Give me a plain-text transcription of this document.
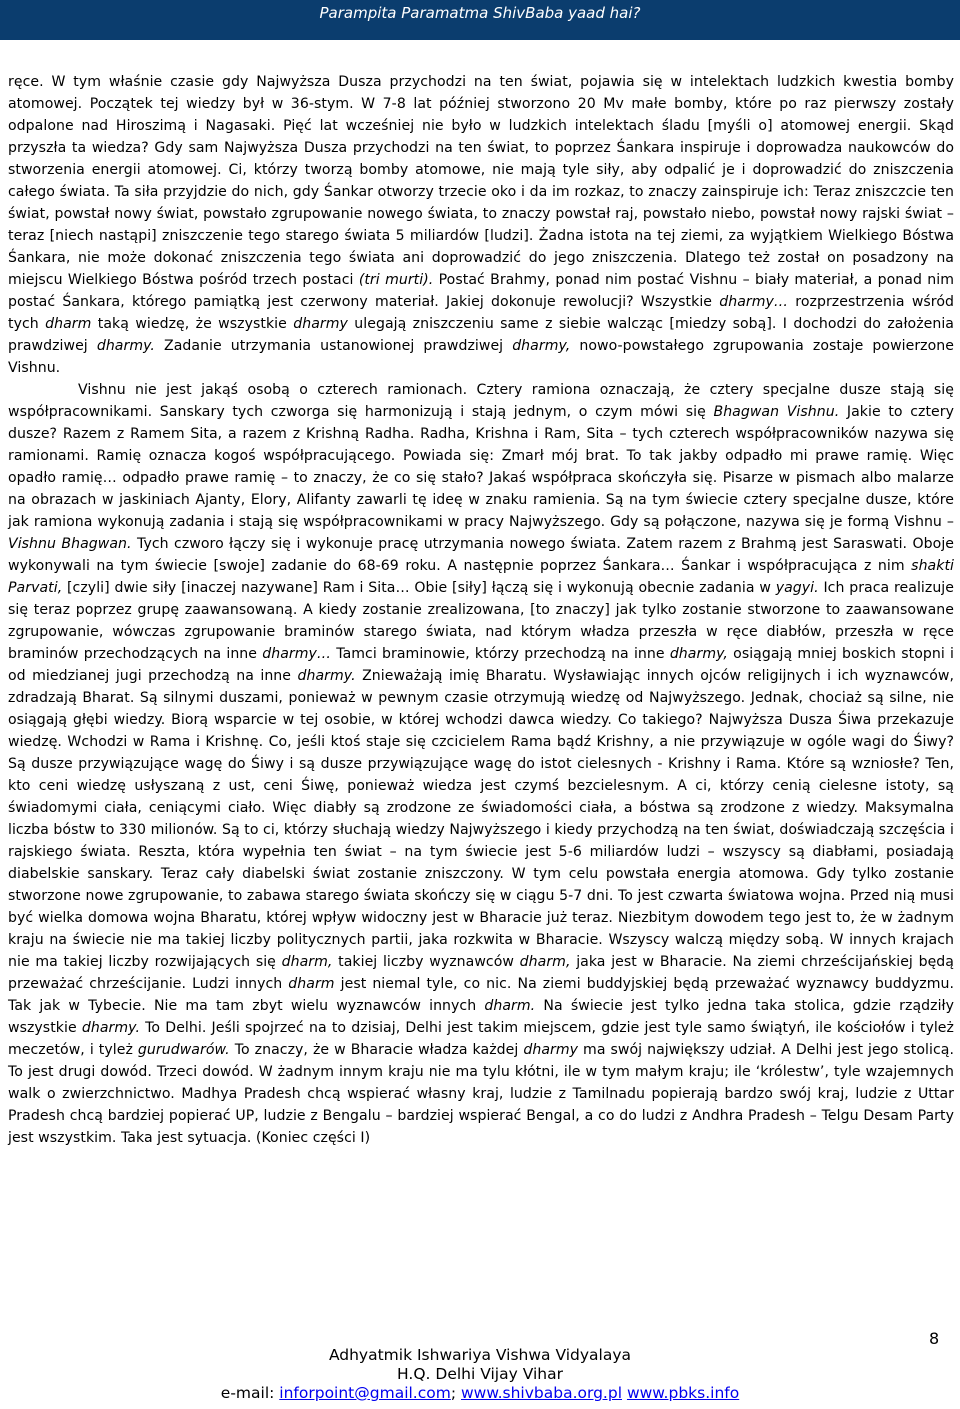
Parampita Paramatma ShivBaba yaad hai?

ręce. W tym właśnie czasie gdy Najwyższa Dusza przychodzi na ten świat, pojawia się w intelektach ludzkich kwestia bomby atomowej. Początek tej wiedzy był w 36-stym. W 7-8 lat później stworzono 20 Mv małe bomby, które po raz pierwszy zostały odpalone nad Hiroszimą i Nagasaki. Pięć lat wcześniej nie było w ludzkich intelektach śladu [myśli o] atomowej energii. Skąd przyszła ta wiedza? Gdy sam Najwyższa Dusza przychodzi na ten świat, to poprzez Śankara inspiruje i doprowadza naukowców do stworzenia energii atomowej. Ci, którzy tworzą bomby atomowe, nie mają tyle siły, aby odpalić je i doprowadzić do zniszczenia całego świata. Ta siła przyjdzie do nich, gdy Śankar otworzy trzecie oko i da im rozkaz, to znaczy zainspiruje ich: Teraz zniszczcie ten świat, powstał nowy świat, powstało zgrupowanie nowego świata, to znaczy powstał raj, powstało niebo, powstał nowy rajski świat – teraz [niech nastąpi] zniszczenie tego starego świata 5 miliardów [ludzi]. Żadna istota na tej ziemi, za wyjątkiem Wielkiego Bóstwa Śankara, nie może dokonać zniszczenia tego świata ani doprowadzić do jego zniszczenia. Dlatego też został on posadzony na miejscu Wielkiego Bóstwa pośród trzech postaci (tri murti). Postać Brahmy, ponad nim postać Vishnu – biały materiał, a ponad nim postać Śankara, którego pamiątką jest czerwony materiał. Jakiej dokonuje rewolucji? Wszystkie dharmy… rozprzestrzenia wśród tych dharm taką wiedzę, że wszystkie dharmy ulegają zniszczeniu same z siebie walcząc [miedzy sobą]. I dochodzi do założenia prawdziwej dharmy. Zadanie utrzymania ustanowionej prawdziwej dharmy, nowo-powstałego zgrupowania zostaje powierzone Vishnu.

Vishnu nie jest jakąś osobą o czterech ramionach. Cztery ramiona oznaczają, że cztery specjalne dusze stają się współpracownikami. Sanskary tych czworga się harmonizują i stają jednym, o czym mówi się Bhagwan Vishnu. Jakie to cztery dusze? Razem z Ramem Sita, a razem z Krishną Radha. Radha, Krishna i Ram, Sita – tych czterech współpracowników nazywa się ramionami. Ramię oznacza kogoś współpracującego. Powiada się: Zmarł mój brat. To tak jakby odpadło mi prawe ramię. Więc opadło ramię… odpadło prawe ramię – to znaczy, że co się stało? Jakaś współpraca skończyła się. Pisarze w pismach albo malarze na obrazach w jaskiniach Ajanty, Elory, Alifanty zawarli tę ideę w znaku ramienia. Są na tym świecie cztery specjalne dusze, które jak ramiona wykonują zadania i stają się współpracownikami w pracy Najwyższego. Gdy są połączone, nazywa się je formą Vishnu – Vishnu Bhagwan. Tych czworo łączy się i wykonuje pracę utrzymania nowego świata. Zatem razem z Brahmą jest Saraswati. Oboje wykonywali na tym świecie [swoje] zadanie do 68-69 roku. A następnie poprzez Śankara… Śankar i współpracująca z nim shakti Parvati, [czyli] dwie siły [inaczej nazywane] Ram i Sita… Obie [siły] łączą się i wykonują obecnie zadania w yagyi. Ich praca realizuje się teraz poprzez grupę zaawansowaną. A kiedy zostanie zrealizowana, [to znaczy] jak tylko zostanie stworzone to zaawansowane zgrupowanie, wówczas zgrupowanie braminów starego świata, nad którym władza przeszła w ręce diabłów, przeszła w ręce braminów przechodzących na inne dharmy… Tamci braminowie, którzy przechodzą na inne dharmy, osiągają mniej boskich stopni i od miedzianej jugi przechodzą na inne dharmy. Znieważają imię Bharatu. Wysławiając innych ojców religijnych i ich wyznawców, zdradzają Bharat. Są silnymi duszami, ponieważ w pewnym czasie otrzymują wiedzę od Najwyższego. Jednak, chociaż są silne, nie osiągają głębi wiedzy. Biorą wsparcie w tej osobie, w której wchodzi dawca wiedzy. Co takiego? Najwyższa Dusza Śiwa przekazuje wiedzę. Wchodzi w Rama i Krishnę. Co, jeśli ktoś staje się czcicielem Rama bądź Krishny, a nie przywiązuje w ogóle wagi do Śiwy? Są dusze przywiązujące wagę do Śiwy i są dusze przywiązujące wagę do istot cielesnych - Krishny i Rama. Które są wzniosłe? Ten, kto ceni wiedzę usłyszaną z ust, ceni Śiwę, ponieważ wiedza jest czymś bezcielesnym. A ci, którzy cenią cielesne istoty, są świadomymi ciała, ceniącymi ciało. Więc diabły są zrodzone ze świadomości ciała, a bóstwa są zrodzone z wiedzy. Maksymalna liczba bóstw to 330 milionów. Są to ci, którzy słuchają wiedzy Najwyższego i kiedy przychodzą na ten świat, doświadczają szczęścia i rajskiego świata. Reszta, która wypełnia ten świat – na tym świecie jest 5-6 miliardów ludzi – wszyscy są diabłami, posiadają diabelskie sanskary. Teraz cały diabelski świat zostanie zniszczony. W tym celu powstała energia atomowa. Gdy tylko zostanie stworzone nowe zgrupowanie, to zabawa starego świata skończy się w ciągu 5-7 dni. To jest czwarta światowa wojna. Przed nią musi być wielka domowa wojna Bharatu, której wpływ widoczny jest w Bharacie już teraz. Niezbitym dowodem tego jest to, że w żadnym kraju na świecie nie ma takiej liczby politycznych partii, jaka rozkwita w Bharacie. Wszyscy walczą między sobą. W innych krajach nie ma takiej liczby rozwijających się dharm, takiej liczby wyznawców dharm, jaka jest w Bharacie. Na ziemi chrześcijańskiej będą przeważać chrześcijanie. Ludzi innych dharm jest niemal tyle, co nic. Na ziemi buddyjskiej będą przeważać wyznawcy buddyzmu. Tak jak w Tybecie. Nie ma tam zbyt wielu wyznawców innych dharm. Na świecie jest tylko jedna taka stolica, gdzie rządziły wszystkie dharmy. To Delhi. Jeśli spojrzeć na to dzisiaj, Delhi jest takim miejscem, gdzie jest tyle samo świątyń, ile kościołów i tyleż meczetów, i tyleż gurudwarów. To znaczy, że w Bharacie władza każdej dharmy ma swój największy udział. A Delhi jest jego stolicą. To jest drugi dowód. Trzeci dowód. W żadnym innym kraju nie ma tylu kłótni, ile w tym małym kraju; ile ‘królestw’, tyle wzajemnych walk o zwierzchnictwo. Madhya Pradesh chcą wspierać własny kraj, ludzie z Tamilnadu popierają bardzo swój kraj, ludzie z Uttar Pradesh chcą bardziej popierać UP, ludzie z Bengalu – bardziej wspierać Bengal, a co do ludzi z Andhra Pradesh – Telgu Desam Party jest wszystkim. Taka jest sytuacja. (Koniec części I)

8
Adhyatmik Ishwariya Vishwa Vidyalaya
H.Q. Delhi Vijay Vihar
e-mail: inforpoint@gmail.com; www.shivbaba.org.pl www.pbks.info
